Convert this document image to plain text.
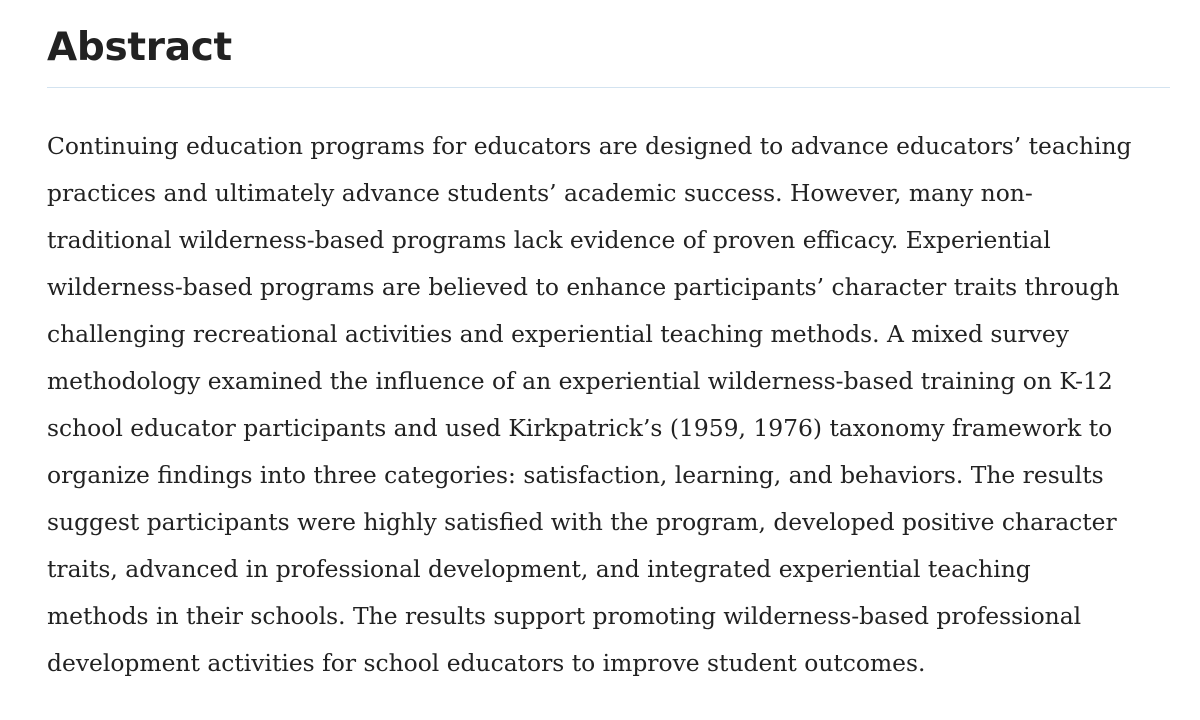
Abstract

Continuing education programs for educators are designed to advance educators’ teaching
practices and ultimately advance students’ academic success. However, many non-
traditional wilderness-based programs lack evidence of proven efficacy. Experiential
wilderness-based programs are believed to enhance participants’ character traits through
challenging recreational activities and experiential teaching methods. A mixed survey
methodology examined the influence of an experiential wilderness-based training on K-12
school educator participants and used Kirkpatrick’s (1959, 1976) taxonomy framework to
organize findings into three categories: satisfaction, learning, and behaviors. The results
suggest participants were highly satisfied with the program, developed positive character
traits, advanced in professional development, and integrated experiential teaching
methods in their schools. The results support promoting wilderness-based professional
development activities for school educators to improve student outcomes.
